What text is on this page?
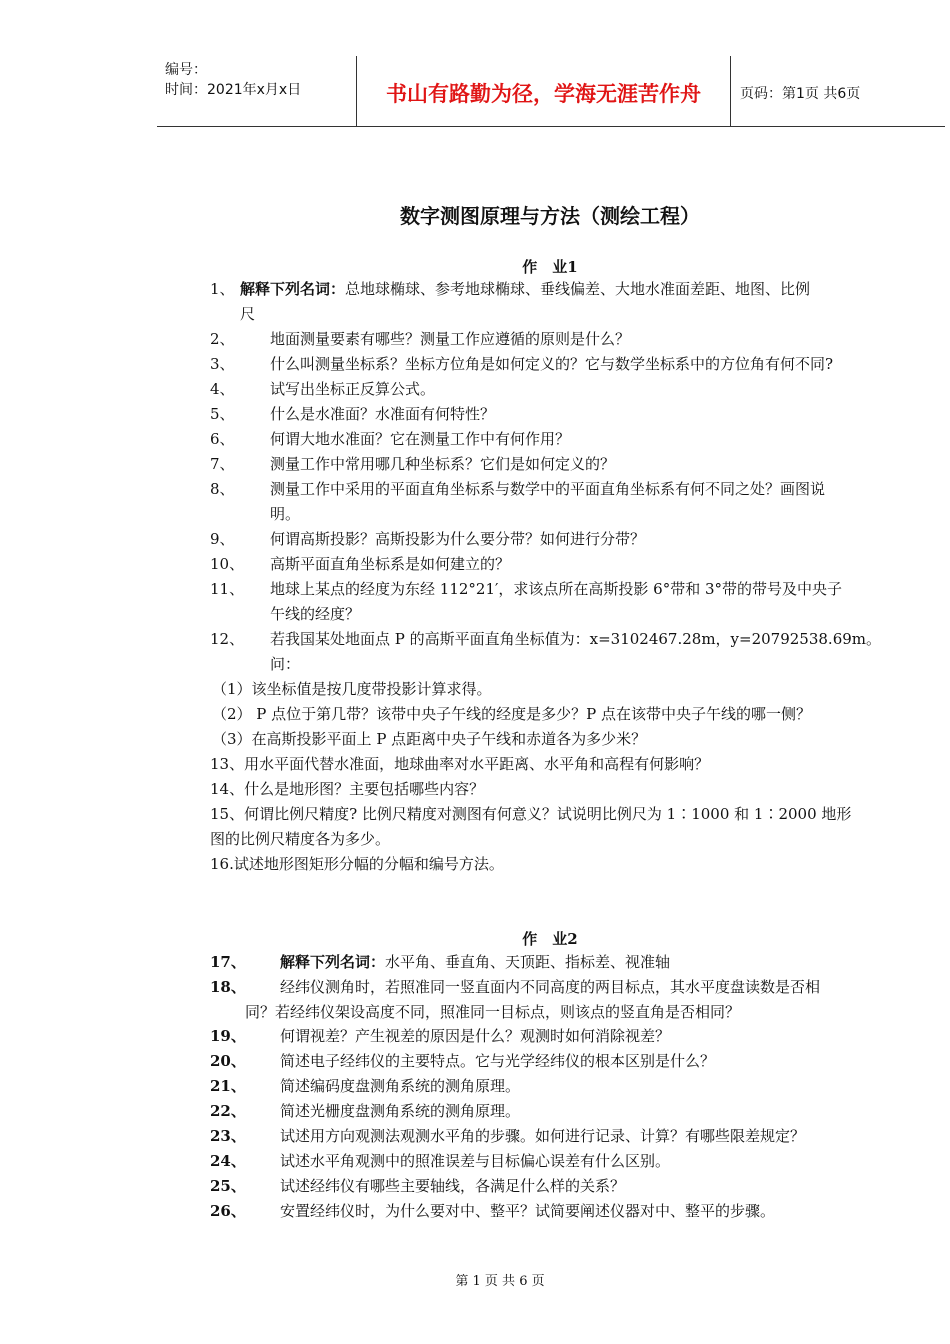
编号：
时间：2021年x月x日	书山有路勤为径，学海无涯苦作舟	页码：第1页 共6页
数字测图原理与方法（测绘工程）
作　业1
1、 解释下列名词：总地球椭球、参考地球椭球、垂线偏差、大地水准面差距、地图、比例
尺
2、 地面测量要素有哪些？测量工作应遵循的原则是什么？
3、 什么叫测量坐标系？坐标方位角是如何定义的？它与数学坐标系中的方位角有何不同?
4、 试写出坐标正反算公式。
5、 什么是水准面？水准面有何特性？
6、 何谓大地水准面？它在测量工作中有何作用？
7、 测量工作中常用哪几种坐标系？它们是如何定义的？
8、 测量工作中采用的平面直角坐标系与数学中的平面直角坐标系有何不同之处？画图说
明。
9、 何谓高斯投影？高斯投影为什么要分带？如何进行分带？
10、 高斯平面直角坐标系是如何建立的？
11、 地球上某点的经度为东经 112°21′，求该点所在高斯投影 6°带和 3°带的带号及中央子
午线的经度？
12、 若我国某处地面点 P 的高斯平面直角坐标值为：x=3102467.28m，y=20792538.69m。
问：
（1）该坐标值是按几度带投影计算求得。
（2） P 点位于第几带？该带中央子午线的经度是多少？P 点在该带中央子午线的哪一侧？
（3）在高斯投影平面上 P 点距离中央子午线和赤道各为多少米？
13、用水平面代替水准面，地球曲率对水平距离、水平角和高程有何影响？
14、什么是地形图？主要包括哪些内容？
15、何谓比例尺精度? 比例尺精度对测图有何意义？试说明比例尺为 1∶1000 和 1∶2000 地形
图的比例尺精度各为多少。
16.试述地形图矩形分幅的分幅和编号方法。
作　业2
17、 解释下列名词：水平角、垂直角、天顶距、指标差、视准轴
18、 经纬仪测角时，若照准同一竖直面内不同高度的两目标点，其水平度盘读数是否相
同？若经纬仪架设高度不同，照准同一目标点，则该点的竖直角是否相同？
19、 何谓视差？产生视差的原因是什么？观测时如何消除视差？
20、 简述电子经纬仪的主要特点。它与光学经纬仪的根本区别是什么？
21、 简述编码度盘测角系统的测角原理。
22、 简述光栅度盘测角系统的测角原理。
23、 试述用方向观测法观测水平角的步骤。如何进行记录、计算？有哪些限差规定？
24、 试述水平角观测中的照准误差与目标偏心误差有什么区别。
25、 试述经纬仪有哪些主要轴线，各满足什么样的关系？
26、 安置经纬仪时，为什么要对中、整平？试简要阐述仪器对中、整平的步骤。
第 1 页 共 6 页
